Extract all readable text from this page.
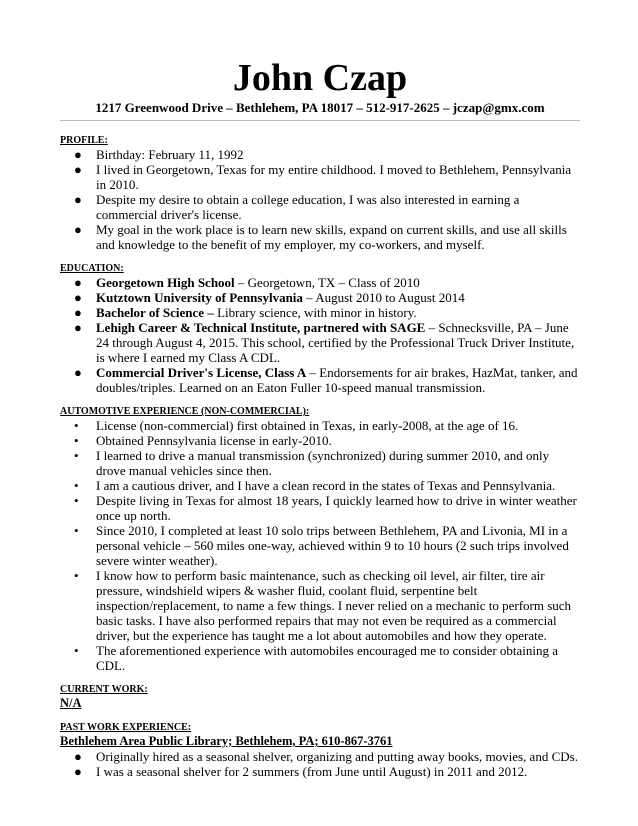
John Czap
1217 Greenwood Drive – Bethlehem, PA 18017 – 512-917-2625 – jczap@gmx.com
PROFILE:
● Birthday: February 11, 1992
● I lived in Georgetown, Texas for my entire childhood. I moved to Bethlehem, Pennsylvania in 2010.
● Despite my desire to obtain a college education, I was also interested in earning a commercial driver's license.
● My goal in the work place is to learn new skills, expand on current skills, and use all skills and knowledge to the benefit of my employer, my co-workers, and myself.
EDUCATION:
● Georgetown High School – Georgetown, TX – Class of 2010
● Kutztown University of Pennsylvania – August 2010 to August 2014
● Bachelor of Science – Library science, with minor in history.
● Lehigh Career & Technical Institute, partnered with SAGE – Schnecksville, PA – June 24 through August 4, 2015. This school, certified by the Professional Truck Driver Institute, is where I earned my Class A CDL.
● Commercial Driver's License, Class A – Endorsements for air brakes, HazMat, tanker, and doubles/triples. Learned on an Eaton Fuller 10-speed manual transmission.
AUTOMOTIVE EXPERIENCE (NON-COMMERCIAL):
• License (non-commercial) first obtained in Texas, in early-2008, at the age of 16.
• Obtained Pennsylvania license in early-2010.
• I learned to drive a manual transmission (synchronized) during summer 2010, and only drove manual vehicles since then.
• I am a cautious driver, and I have a clean record in the states of Texas and Pennsylvania.
• Despite living in Texas for almost 18 years, I quickly learned how to drive in winter weather once up north.
• Since 2010, I completed at least 10 solo trips between Bethlehem, PA and Livonia, MI in a personal vehicle – 560 miles one-way, achieved within 9 to 10 hours (2 such trips involved severe winter weather).
• I know how to perform basic maintenance, such as checking oil level, air filter, tire air pressure, windshield wipers & washer fluid, coolant fluid, serpentine belt inspection/replacement, to name a few things. I never relied on a mechanic to perform such basic tasks. I have also performed repairs that may not even be required as a commercial driver, but the experience has taught me a lot about automobiles and how they operate.
• The aforementioned experience with automobiles encouraged me to consider obtaining a CDL.
CURRENT WORK:
N/A
PAST WORK EXPERIENCE:
Bethlehem Area Public Library; Bethlehem, PA; 610-867-3761
● Originally hired as a seasonal shelver, organizing and putting away books, movies, and CDs.
● I was a seasonal shelver for 2 summers (from June until August) in 2011 and 2012.
